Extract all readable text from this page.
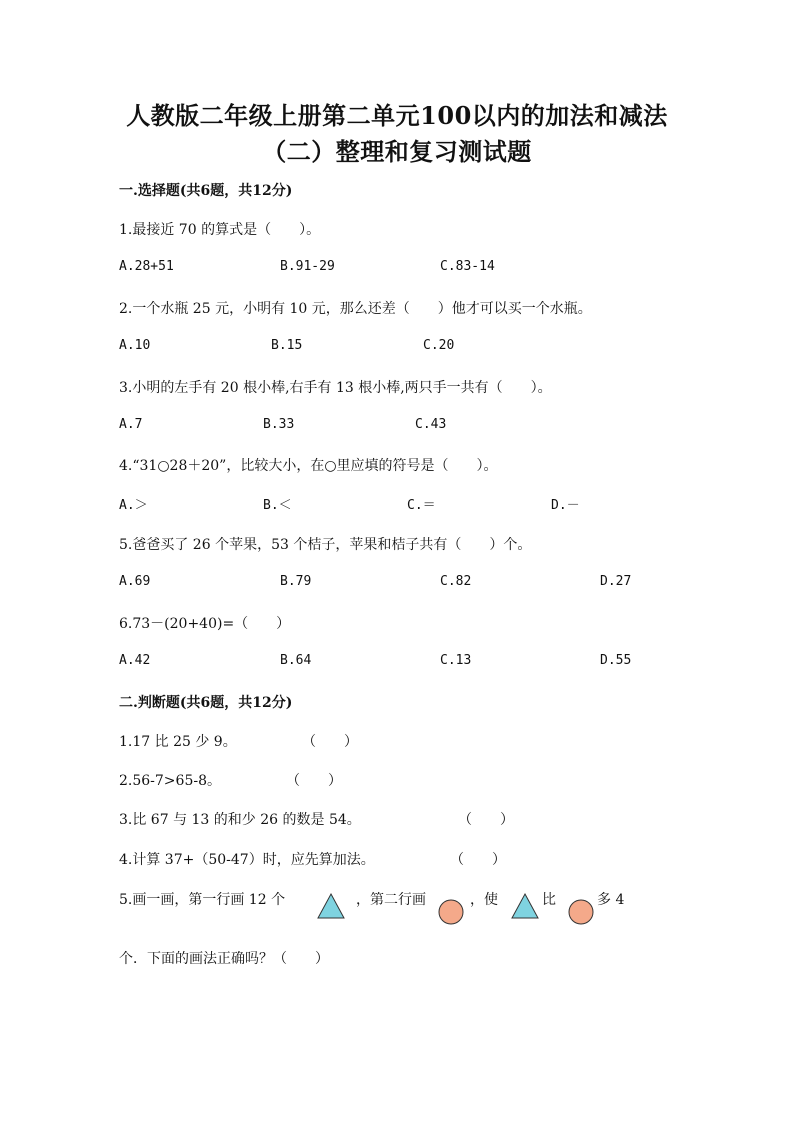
人教版二年级上册第二单元100以内的加法和减法
（二）整理和复习测试题
一.选择题(共6题，共12分)
1.最接近 70 的算式是（　　）。
A.28+51	B.91-29	C.83-14
2.一个水瓶 25 元，小明有 10 元，那么还差（　　）他才可以买一个水瓶。
A.10	B.15	C.20
3.小明的左手有 20 根小棒,右手有 13 根小棒,两只手一共有（　　）。
A.7	B.33	C.43
4.“31○28＋20”，比较大小，在○里应填的符号是（　　）。
A.＞	B.＜	C.＝	D.－
5.爸爸买了 26 个苹果，53 个桔子，苹果和桔子共有（　　）个。
A.69	B.79	C.82	D.27
6.73－(20+40)=（　　）
A.42	B.64	C.13	D.55
二.判断题(共6题，共12分)
1.17 比 25 少 9。	（　　）
2.56-7>65-8。	（　　）
3.比 67 与 13 的和少 26 的数是 54。	（　　）
4.计算 37+（50-47）时，应先算加法。	（　　）
5.画一画，第一行画 12 个	，第二行画	，使	比	多 4
个．下面的画法正确吗？（　　）
